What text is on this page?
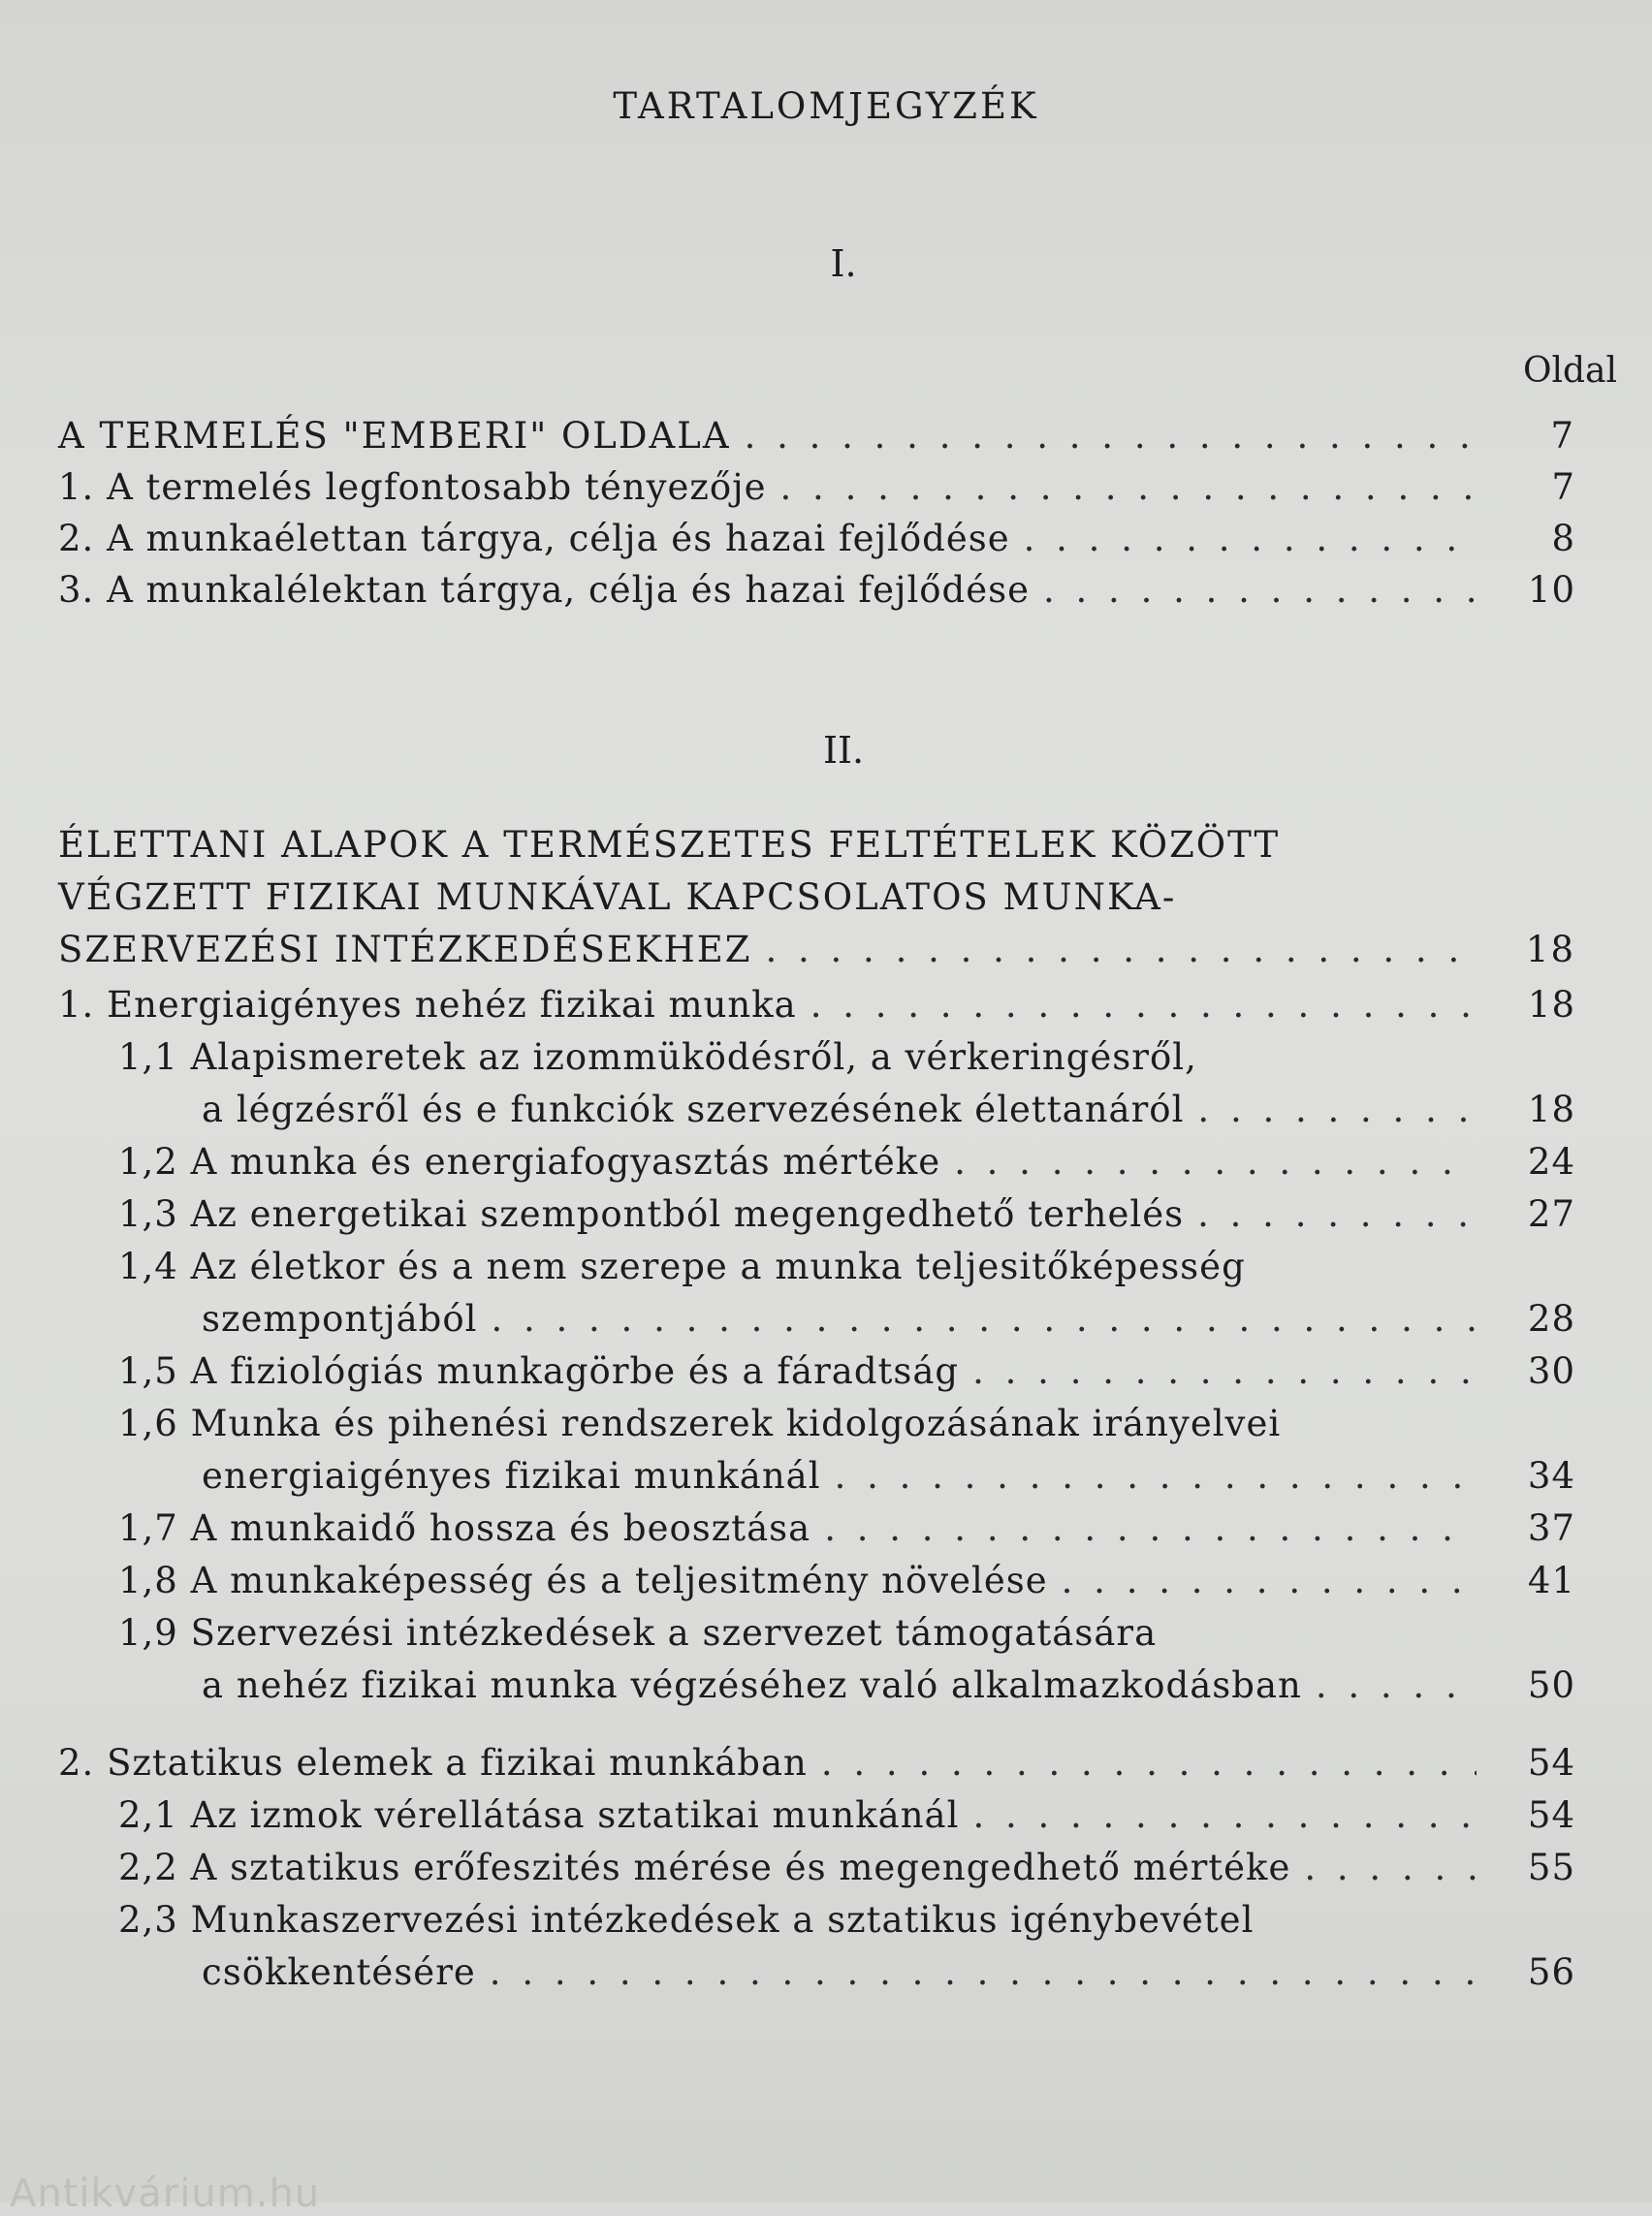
TARTALOMJEGYZÉK
I.
Oldal
A TERMELÉS "EMBERI" OLDALA . . .	7
1. A termelés legfontosabb tényezője . . .	7
2. A munkaélettan tárgya, célja és hazai fejlődése . . .	8
3. A munkalélektan tárgya, célja és hazai fejlődése . . .	10
II.
ÉLETTANI ALAPOK A TERMÉSZETES FELTÉTELEK KÖZÖTT
VÉGZETT FIZIKAI MUNKÁVAL KAPCSOLATOS MUNKA-
SZERVEZÉSI INTÉZKEDÉSEKHEZ . . .	18
1. Energiaigényes nehéz fizikai munka . . .	18
1,1 Alapismeretek az izommüködésről, a vérkeringésről,
a légzésről és e funkciók szervezésének élettanáról . . .	18
1,2 A munka és energiafogyasztás mértéke . . .	24
1,3 Az energetikai szempontból megengedhető terhelés . . .	27
1,4 Az életkor és a nem szerepe a munka teljesitőképesség
szempontjából . . .	28
1,5 A fiziológiás munkagörbe és a fáradtság . . .	30
1,6 Munka és pihenési rendszerek kidolgozásának irányelvei
energiaigényes fizikai munkánál . . .	34
1,7 A munkaidő hossza és beosztása . . .	37
1,8 A munkaképesség és a teljesitmény növelése . . .	41
1,9 Szervezési intézkedések a szervezet támogatására
a nehéz fizikai munka végzéséhez való alkalmazkodásban . . .	50
2. Sztatikus elemek a fizikai munkában . . .	54
2,1 Az izmok vérellátása sztatikai munkánál . . .	54
2,2 A sztatikus erőfeszités mérése és megengedhető mértéke . . .	55
2,3 Munkaszervezési intézkedések a sztatikus igénybevétel
csökkentésére . . .	56
Antikvárium.hu
